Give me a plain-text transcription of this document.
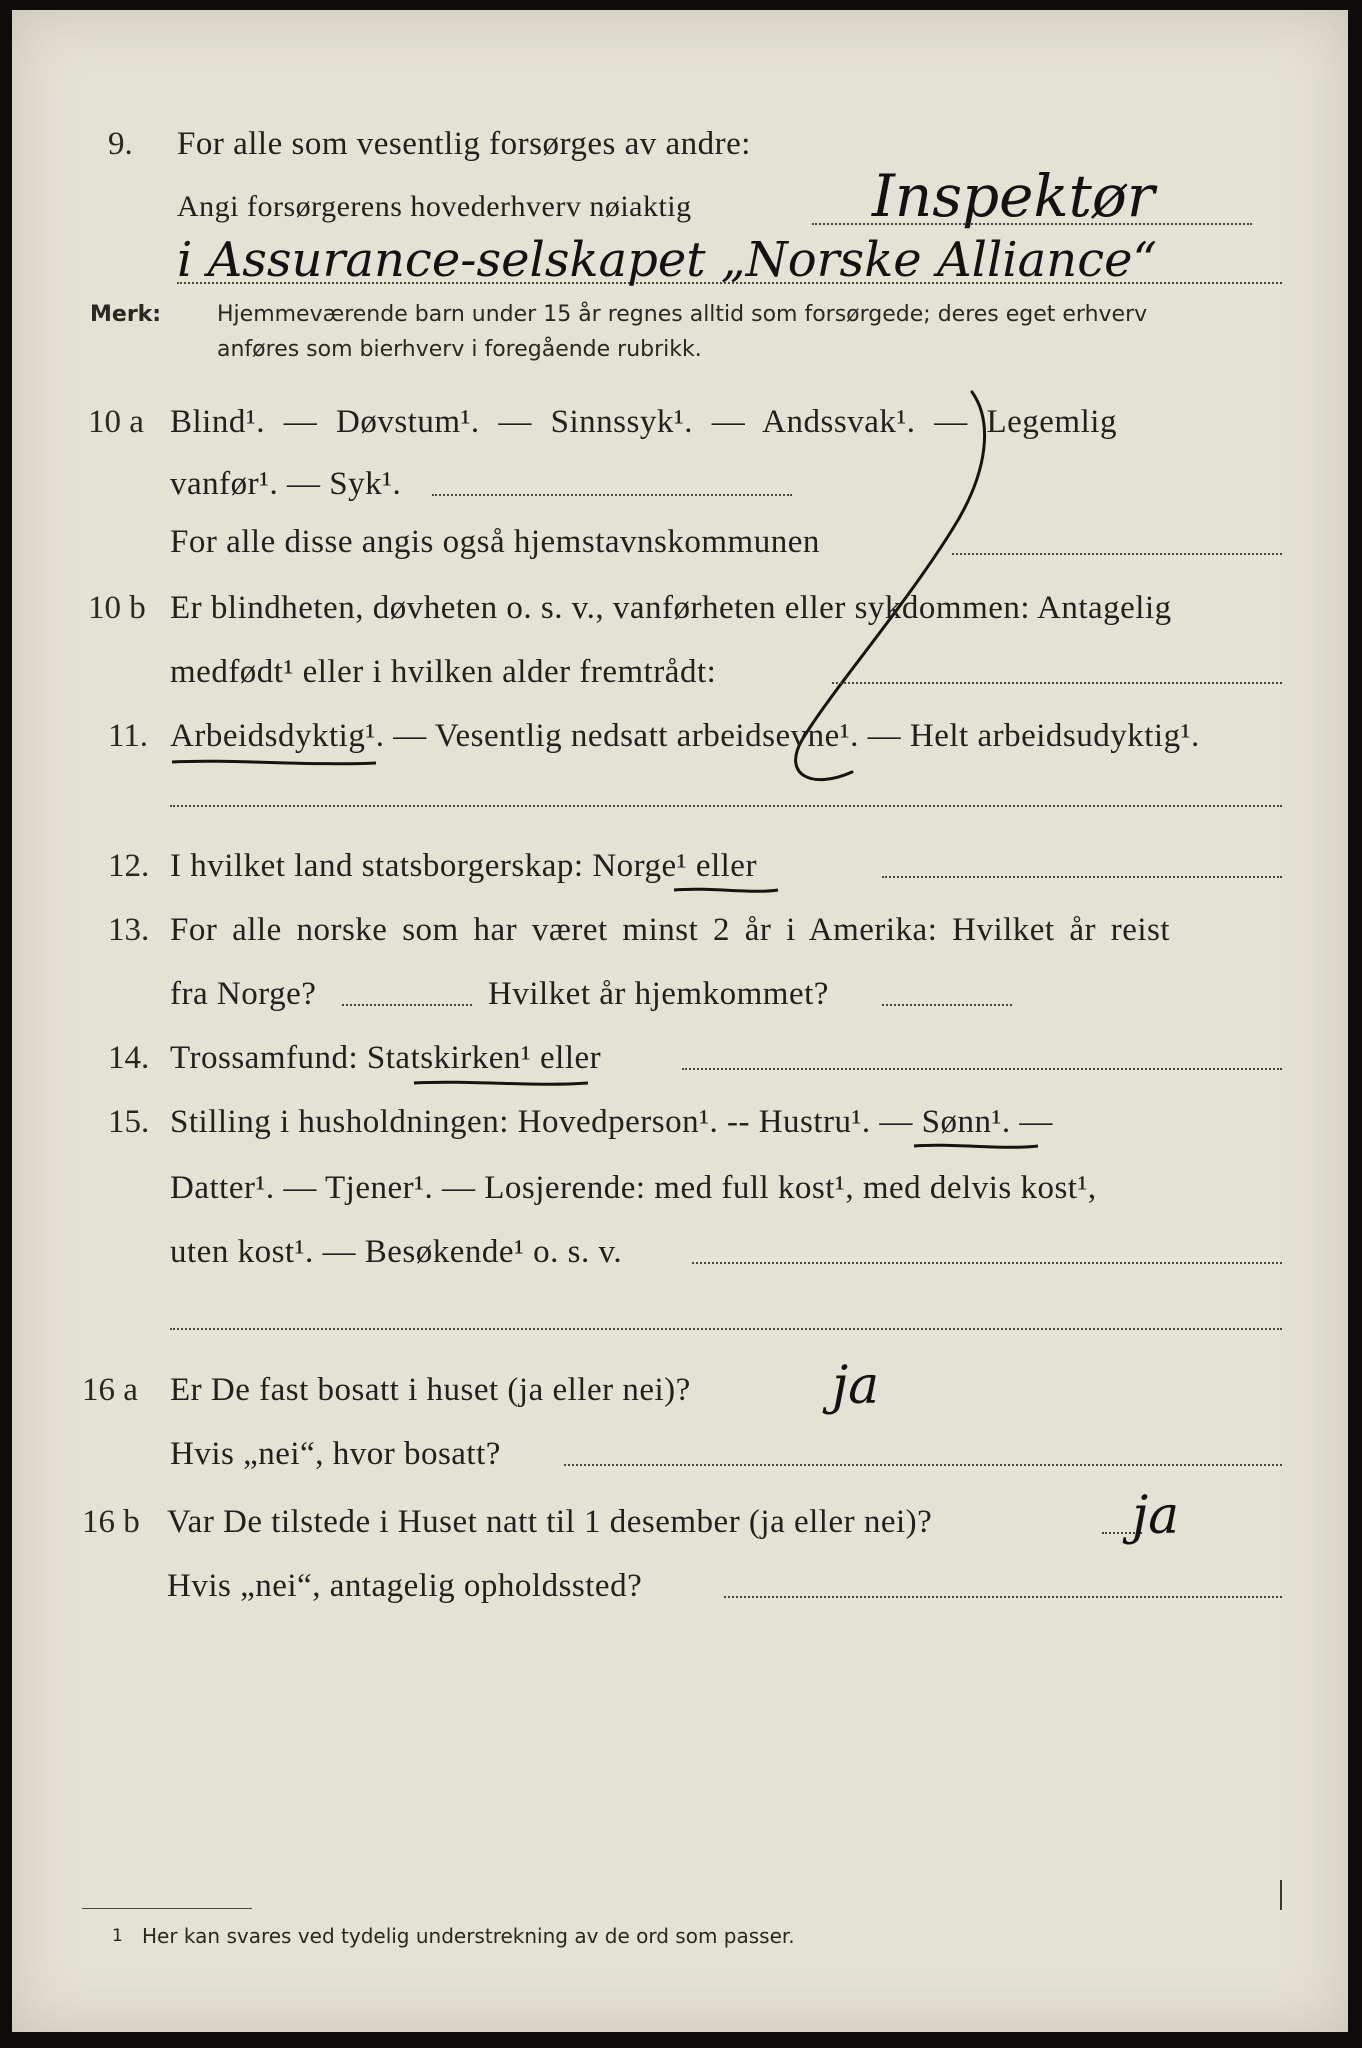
9. For alle som vesentlig forsørges av andre:
Angi forsørgerens hovederhverv nøiaktig	Inspektør
i Assurance-selskapet „Norske Alliance“
Merk:	Hjemmeværende barn under 15 år regnes alltid som forsørgede; deres eget erhverv
anføres som bierhverv i foregående rubrikk.
10 a Blind¹. — Døvstum¹. — Sinnssyk¹. — Andssvak¹. — Legemlig
vanfør¹. — Syk¹.
For alle disse angis også hjemstavnskommunen
10 b Er blindheten, døvheten o. s. v., vanførheten eller sykdommen: Antagelig
medfødt¹ eller i hvilken alder fremtrådt:
11. Arbeidsdyktig¹. — Vesentlig nedsatt arbeidsevne¹. — Helt arbeidsudyktig¹.
12. I hvilket land statsborgerskap: Norge¹ eller
13. For alle norske som har været minst 2 år i Amerika: Hvilket år reist
fra Norge?	Hvilket år hjemkommet?
14. Trossamfund: Statskirken¹ eller
15. Stilling i husholdningen: Hovedperson¹. -- Hustru¹. — Sønn¹. —
Datter¹. — Tjener¹. — Losjerende: med full kost¹, med delvis kost¹,
uten kost¹. — Besøkende¹ o. s. v.
16 a Er De fast bosatt i huset (ja eller nei)?	ja
Hvis „nei“, hvor bosatt?
16 b Var De tilstede i Huset natt til 1 desember (ja eller nei)?	ja
Hvis „nei“, antagelig opholdssted?
1 Her kan svares ved tydelig understrekning av de ord som passer.
